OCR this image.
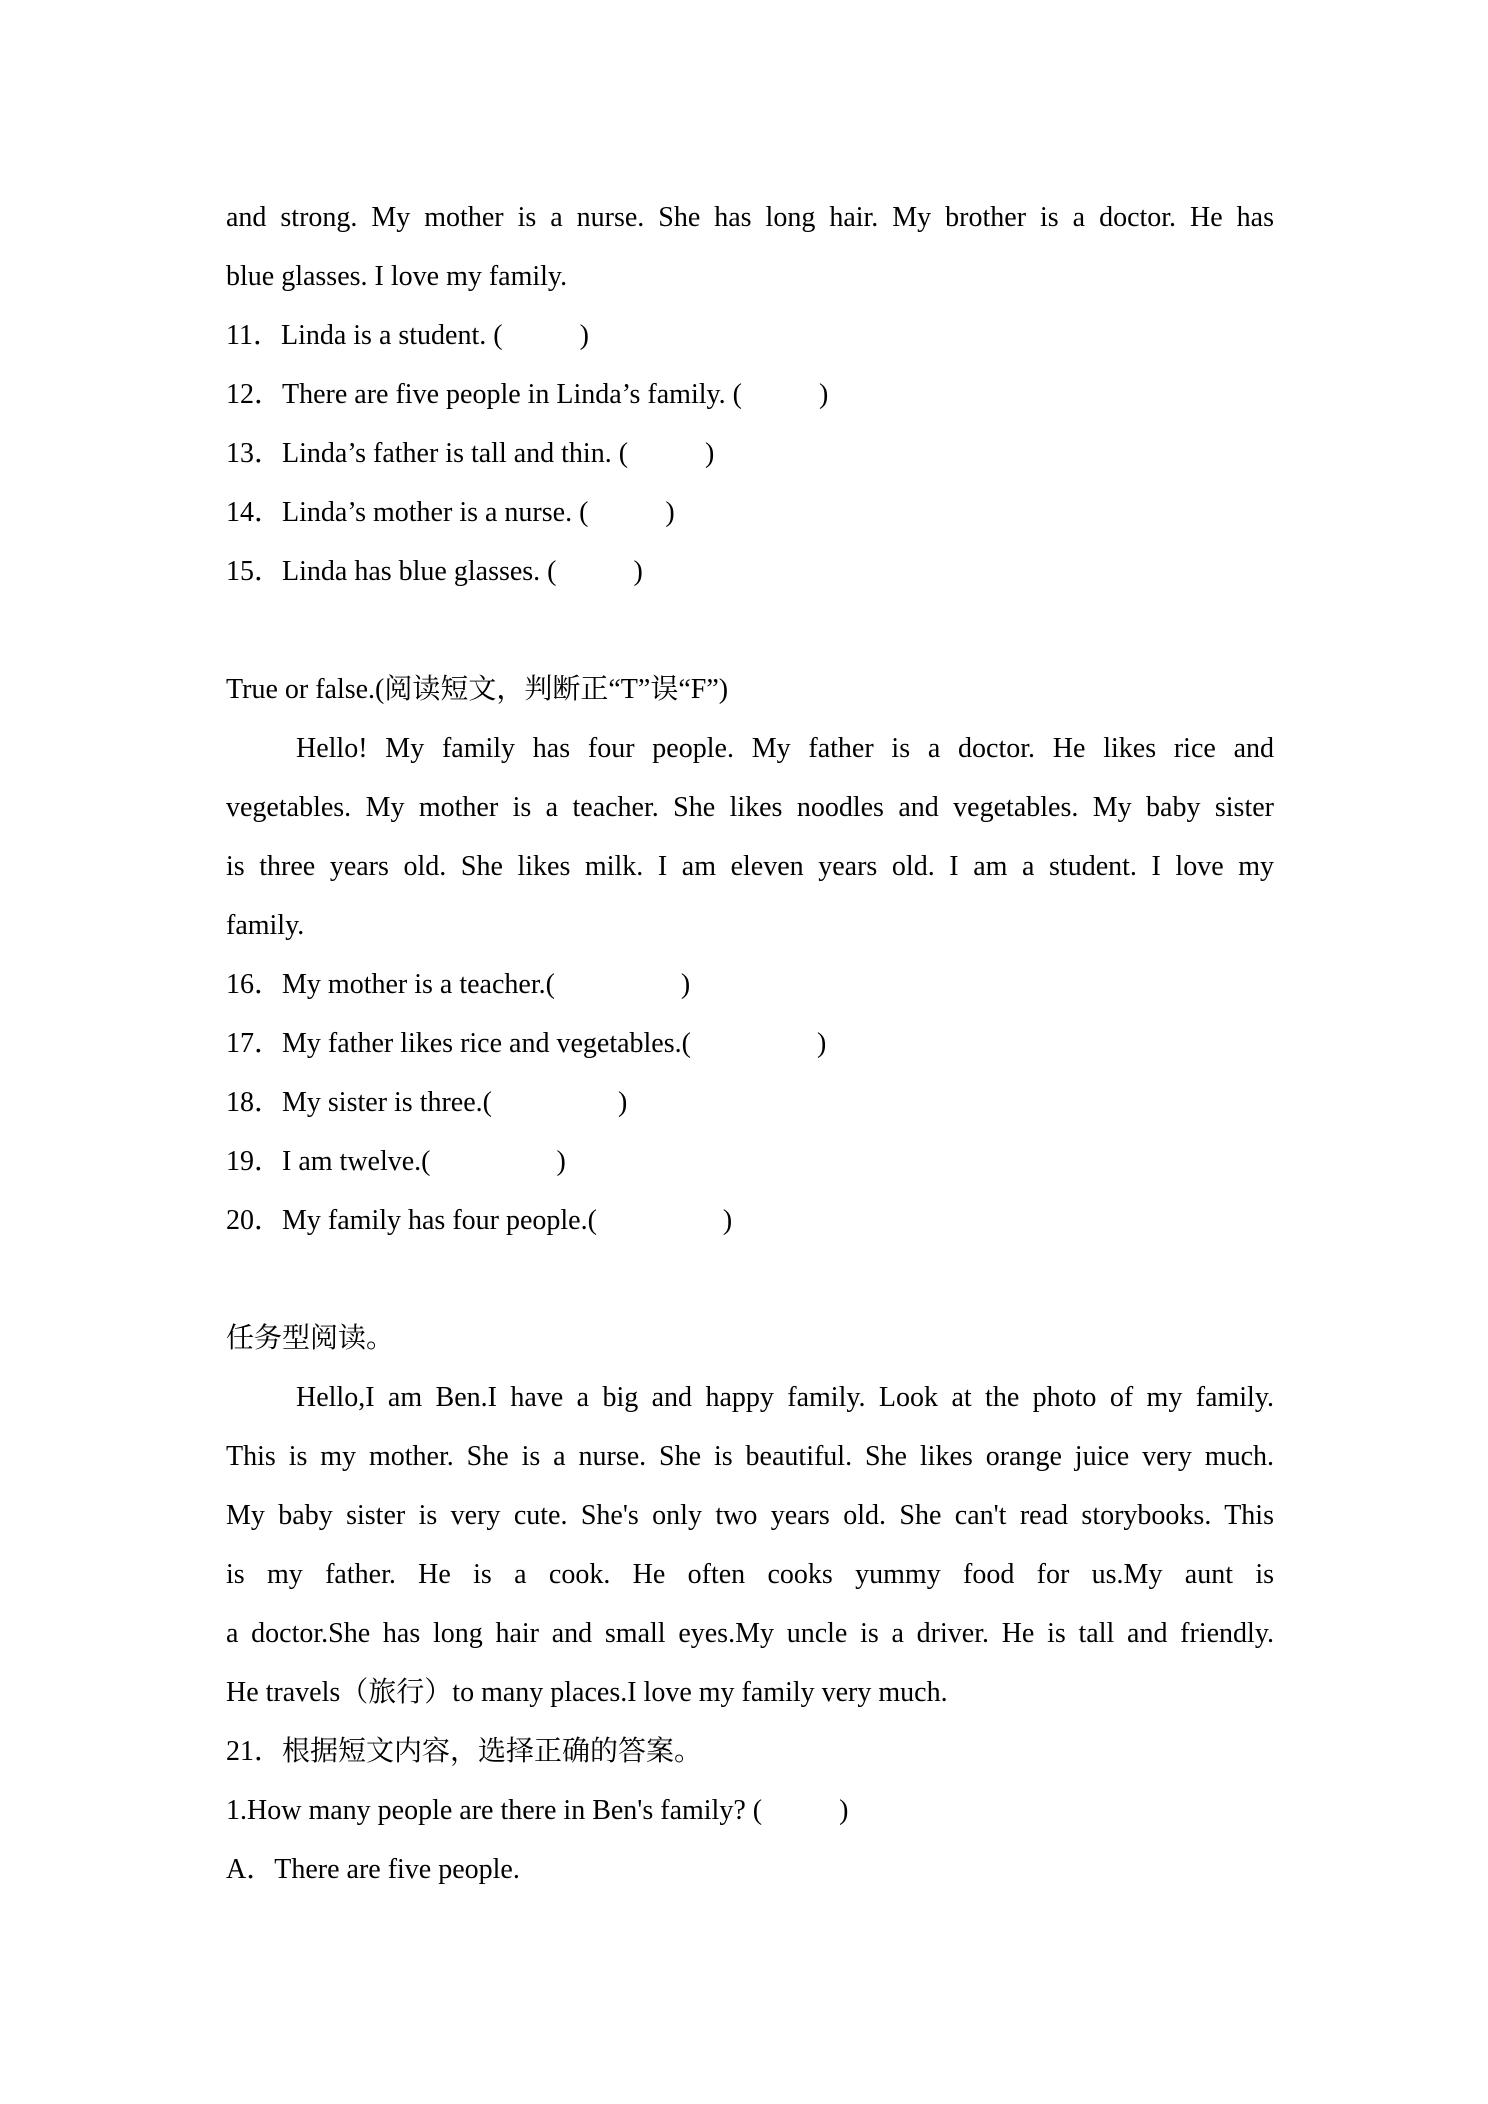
and strong. My mother is a nurse. She has long hair. My brother is a doctor. He has
blue glasses. I love my family.
11．Linda is a student. (           )
12．There are five people in Linda’s family. (           )
13．Linda’s father is tall and thin. (           )
14．Linda’s mother is a nurse. (           )
15．Linda has blue glasses. (           )
True or false.(阅读短文，判断正“T”误“F”)
Hello! My family has four people. My father is a doctor. He likes rice and
vegetables. My mother is a teacher. She likes noodles and vegetables. My baby sister
is three years old. She likes milk. I am eleven years old. I am a student. I love my
family.
16．My mother is a teacher.(                  )
17．My father likes rice and vegetables.(                  )
18．My sister is three.(                  )
19．I am twelve.(                  )
20．My family has four people.(                  )
任务型阅读。
Hello,I am Ben.I have a big and happy family. Look at the photo of my family.
This is my mother. She is a nurse. She is beautiful. She likes orange juice very much.
My baby sister is very cute. She's only two years old. She can't read storybooks. This
is my father. He is a cook. He often cooks yummy food for us.My aunt is
a doctor.She has long hair and small eyes.My uncle is a driver. He is tall and friendly.
He travels（旅行）to many places.I love my family very much.
21．根据短文内容，选择正确的答案。
1.How many people are there in Ben's family? (           )
A．There are five people.
